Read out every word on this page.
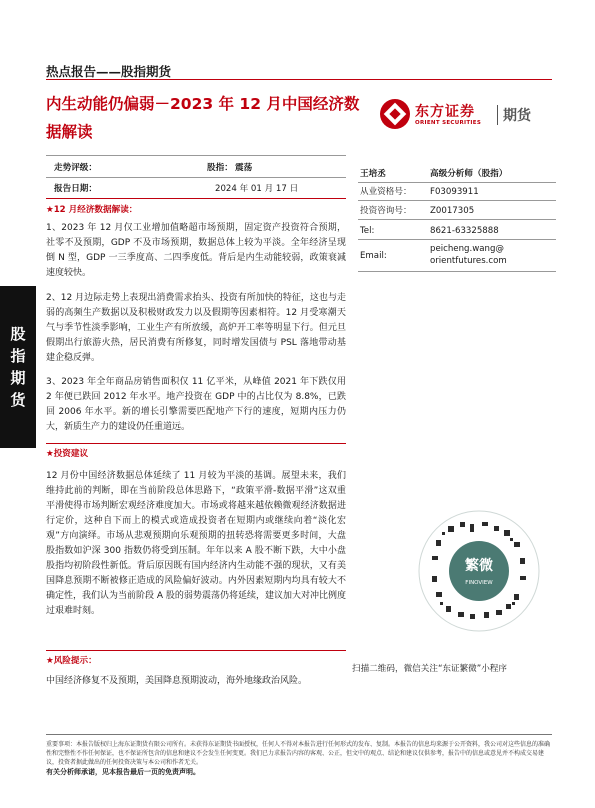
热点报告——股指期货
内生动能仍偏弱－2023 年 12 月中国经济数据解读
东方证券
ORIENT SECURITIES 期货
股
指
期
货
走势评级：	股指： 震荡
报告日期：	2024 年 01 月 17 日
★12 月经济数据解读：
1、2023 年 12 月仅工业增加值略超市场预期，固定资产投资符合预期，社零不及预期，GDP 不及市场预期，数据总体上较为平淡。全年经济呈现倒 N 型，GDP 一三季度高、二四季度低。背后是内生动能较弱，政策衰减速度较快。
2、12 月边际走势上表现出消费需求抬头、投资有所加快的特征，这也与走弱的高频生产数据以及积极财政发力以及假期等因素相符。12 月受寒潮天气与季节性淡季影响，工业生产有所放缓，高炉开工率等明显下行。但元旦假期出行旅游火热，居民消费有所修复，同时增发国债与 PSL 落地带动基建企稳反弹。
3、2023 年全年商品房销售面积仅 11 亿平米，从峰值 2021 年下跌仅用 2 年便已跌回 2012 年水平。地产投资在 GDP 中的占比仅为 8.8%，已跌回 2006 年水平。新的增长引擎需要匹配地产下行的速度，短期内压力仍大，新质生产力的建设仍任重道远。
★投资建议
12 月份中国经济数据总体延续了 11 月较为平淡的基调。展望未来，我们维持此前的判断，即在当前阶段总体思路下，“政策平滑-数据平滑”这双重平滑使得市场判断宏观经济难度加大。市场或将越来越依赖微观经济数据进行定价，这种自下而上的模式或造成投资者在短期内或继续向着“淡化宏观”方向演绎。市场从悲观预期向乐观预期的扭转恐将需要更多时间，大盘股指数如沪深 300 指数仍将受到压制。年年以来 A 股不断下跌，大中小盘股指均初阶段性新低。背后原因既有国内经济内生动能不强的现状，又有美国降息预期不断被修正造成的风险偏好波动。内外因素短期内均具有较大不确定性，我们认为当前阶段 A 股的弱势震荡仍将延续，建议加大对冲比例度过艰难时刻。
★风险提示：
中国经济修复不及预期，美国降息预期波动，海外地缘政治风险。
王培丞	高级分析师（股指）
从业资格号： F03093911
投资咨询号： Z0017305
Tel:	8621-63325888
Email:
peicheng.wang@
orientfutures.com
繁微
FINOVIEW
扫描二维码，微信关注“东证繁微”小程序
重要事项：本报告版权归上海东证期货有限公司所有。未获得东证期货书面授权，任何人不得对本报告进行任何形式的发布、复制。本报告的信息均来源于公开资料，我公司对这些信息的准确性和完整性不作任何保证，也不保证所包含的信息和建议不会发生任何变更。我们已力求报告内容的客观、公正，但文中的观点、结论和建议仅供参考，报告中的信息或意见并不构成交易建议，投资者据此做出的任何投资决策与本公司和作者无关。
有关分析师承诺，见本报告最后一页的免责声明。
